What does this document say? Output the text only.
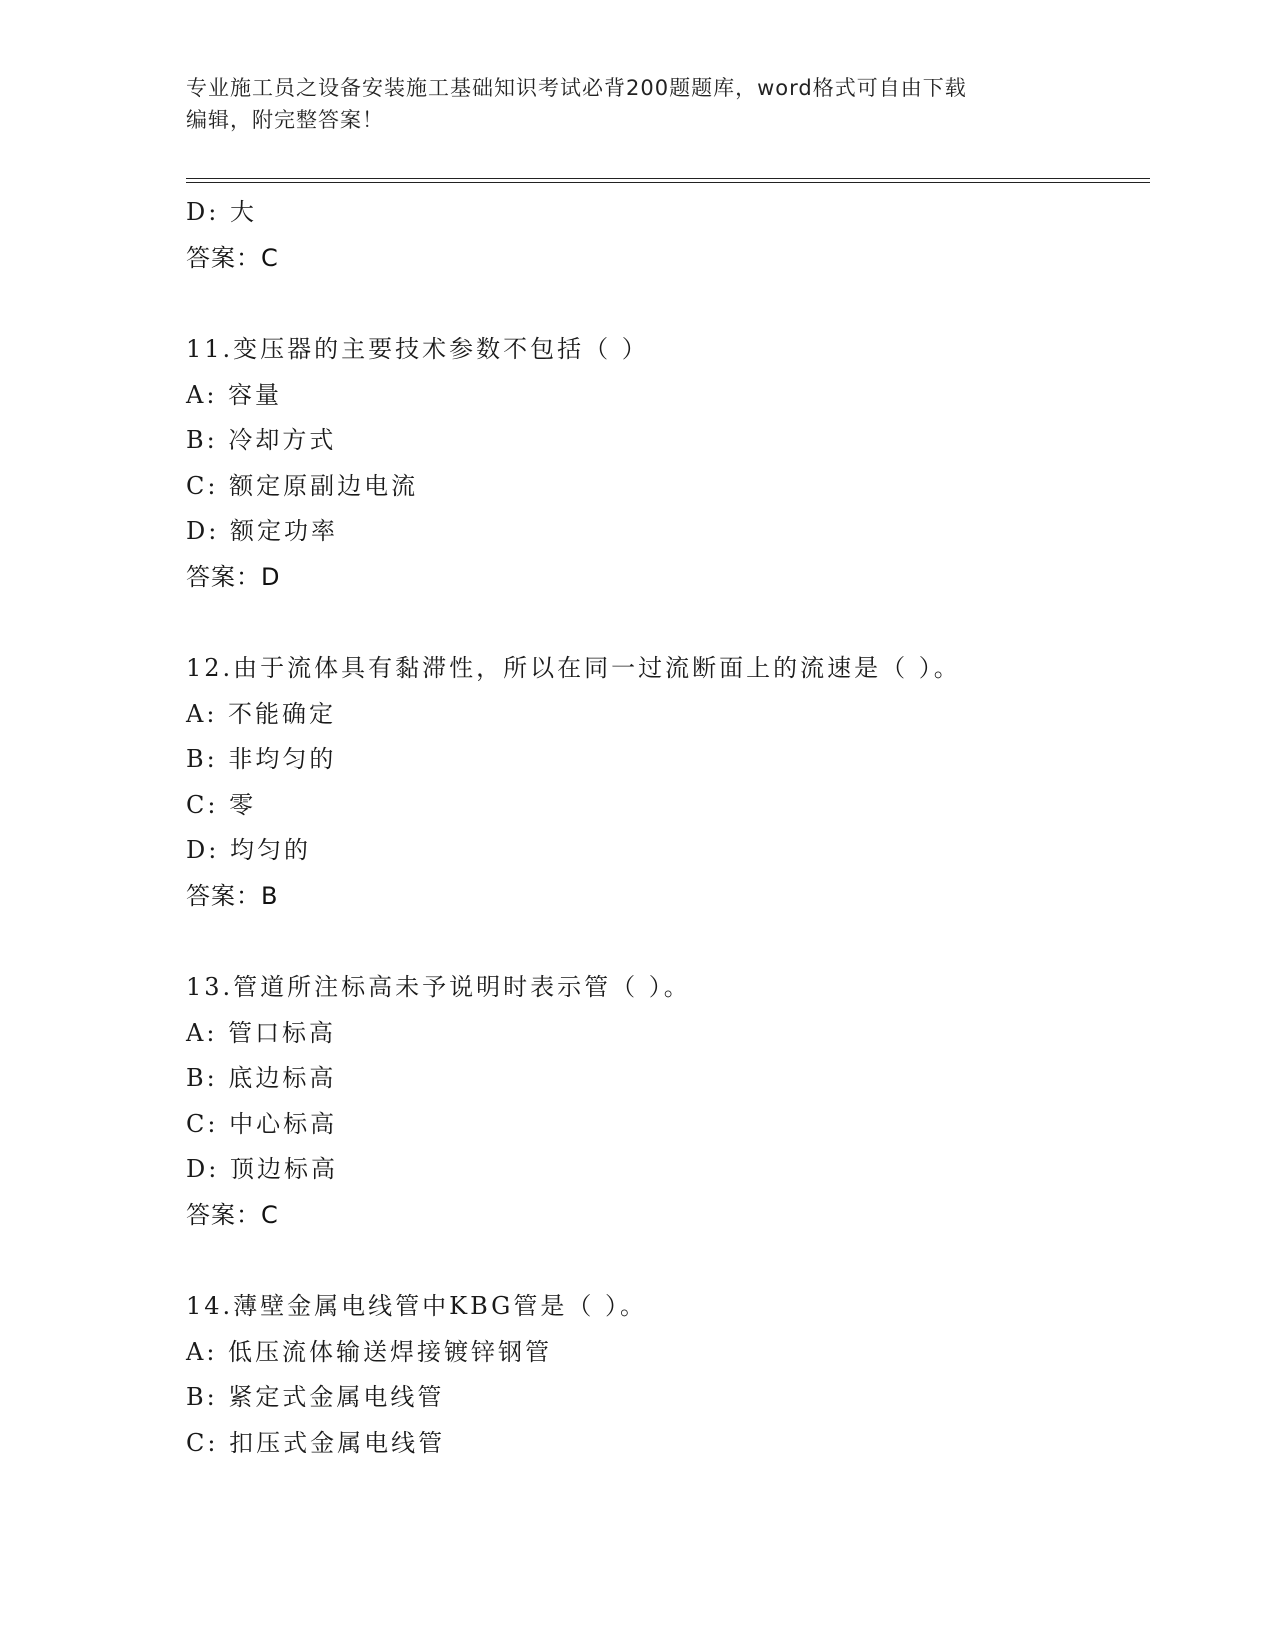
专业施工员之设备安装施工基础知识考试必背200题题库，word格式可自由下载
编辑，附完整答案！
D: 大
答案：C
11.变压器的主要技术参数不包括（ ）
A: 容量
B: 冷却方式
C: 额定原副边电流
D: 额定功率
答案：D
12.由于流体具有黏滞性，所以在同一过流断面上的流速是（ ）。
A: 不能确定
B: 非均匀的
C: 零
D: 均匀的
答案：B
13.管道所注标高未予说明时表示管（ ）。
A: 管口标高
B: 底边标高
C: 中心标高
D: 顶边标高
答案：C
14.薄壁金属电线管中KBG管是（ ）。
A: 低压流体输送焊接镀锌钢管
B: 紧定式金属电线管
C: 扣压式金属电线管
